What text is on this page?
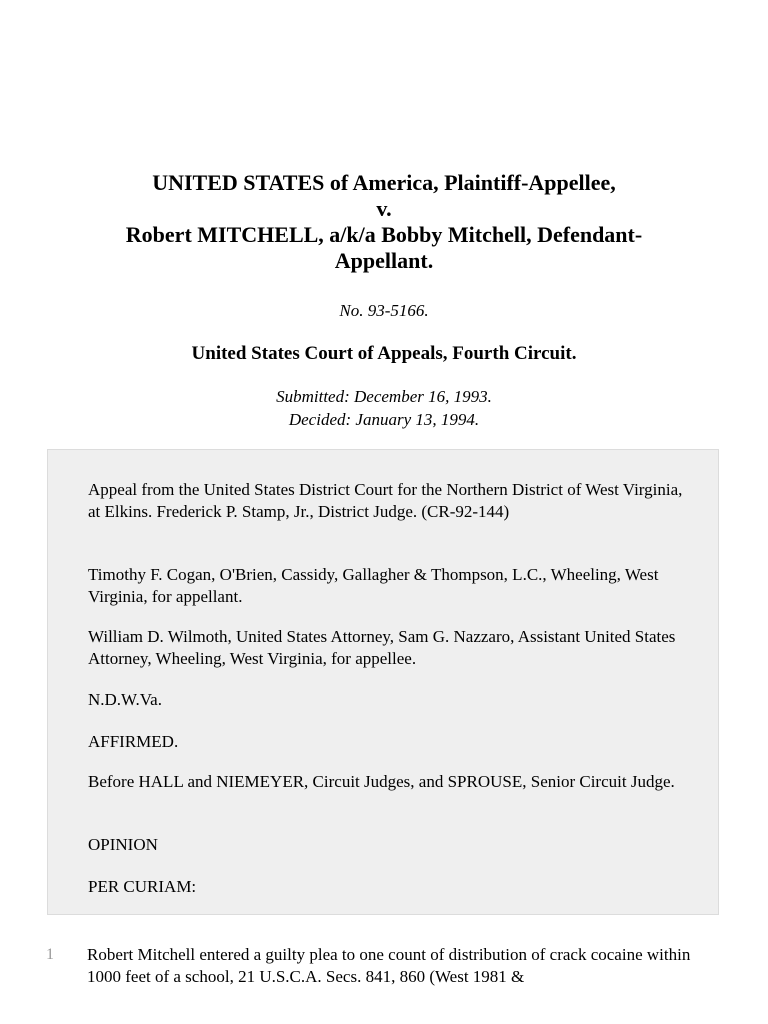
UNITED STATES of America, Plaintiff-Appellee,
v.
Robert MITCHELL, a/k/a Bobby Mitchell, Defendant-
Appellant.
No. 93-5166.
United States Court of Appeals, Fourth Circuit.
Submitted: December 16, 1993.
Decided: January 13, 1994.

Appeal from the United States District Court for the Northern District of West Virginia, at Elkins. Frederick P. Stamp, Jr., District Judge. (CR-92-144)

Timothy F. Cogan, O'Brien, Cassidy, Gallagher & Thompson, L.C., Wheeling, West Virginia, for appellant.

William D. Wilmoth, United States Attorney, Sam G. Nazzaro, Assistant United States Attorney, Wheeling, West Virginia, for appellee.

N.D.W.Va.

AFFIRMED.

Before HALL and NIEMEYER, Circuit Judges, and SPROUSE, Senior Circuit Judge.

OPINION

PER CURIAM:

1 Robert Mitchell entered a guilty plea to one count of distribution of crack cocaine within 1000 feet of a school, 21 U.S.C.A. Secs. 841, 860 (West 1981 &
